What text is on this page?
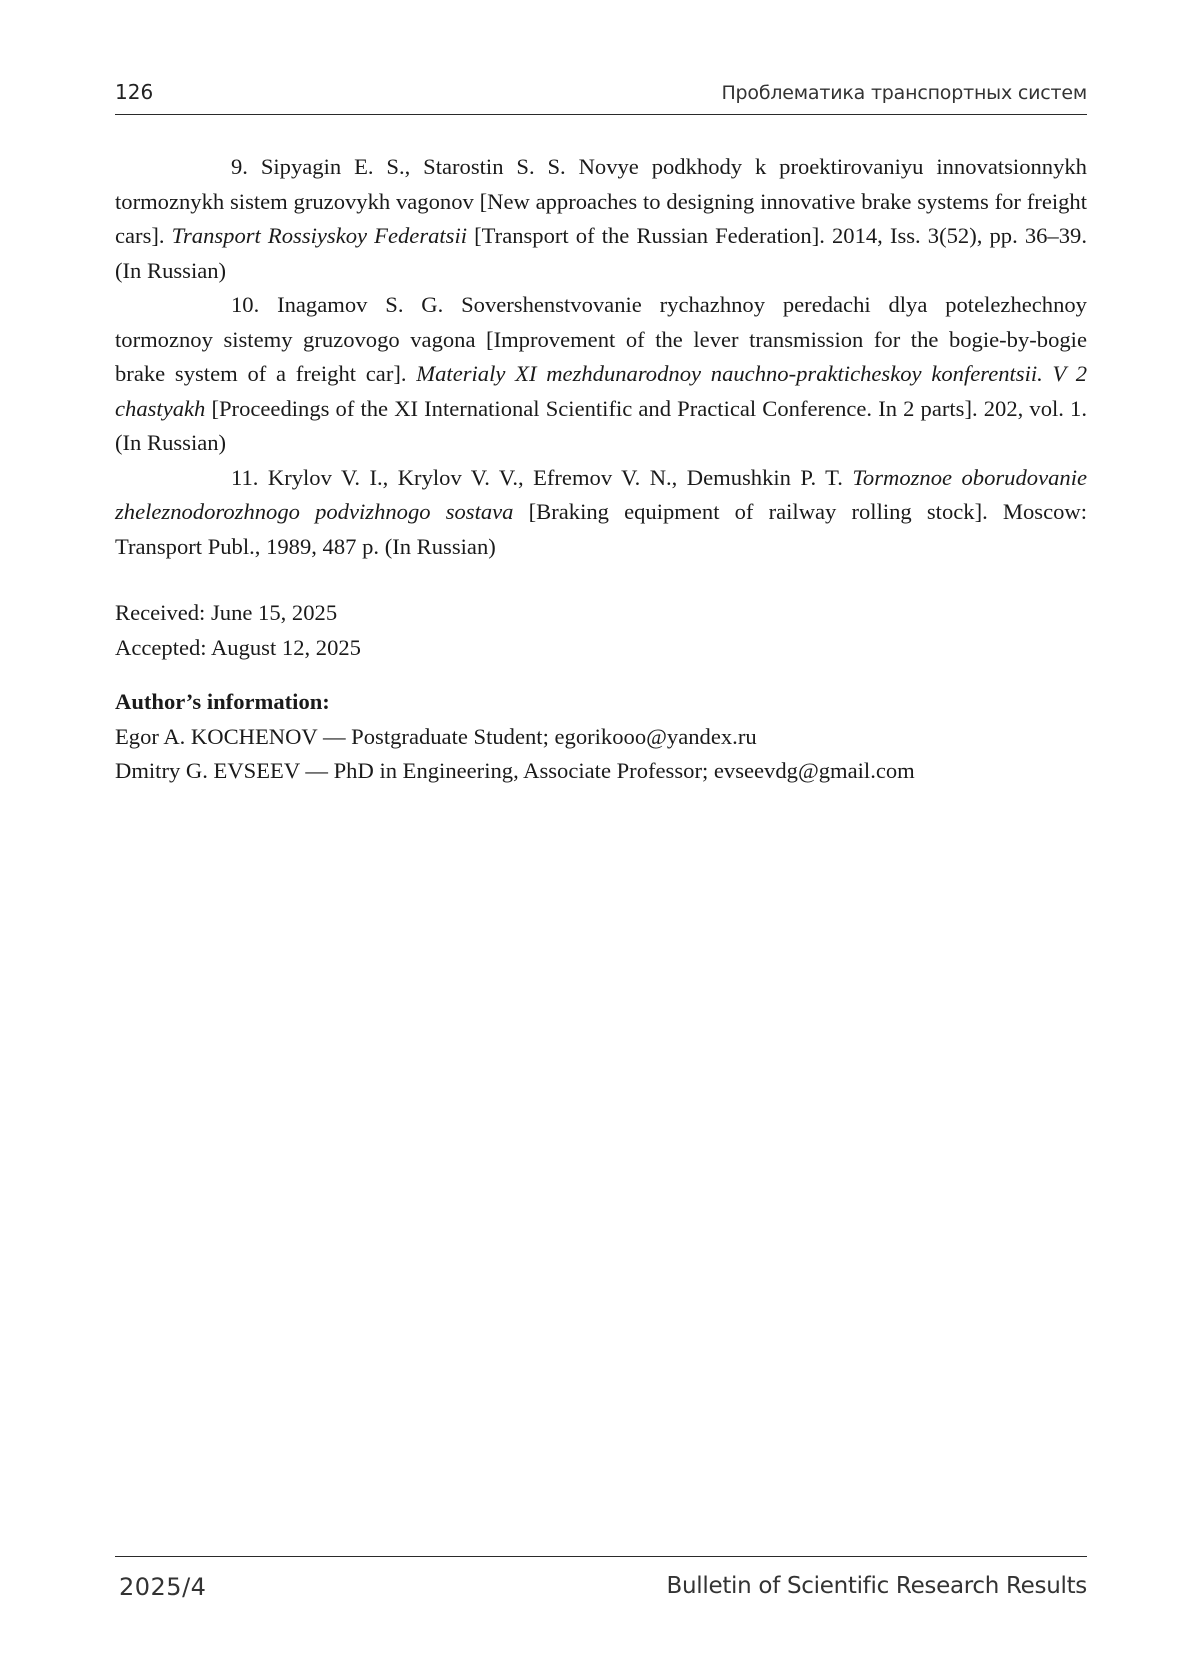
126	Проблематика транспортных систем

9. Sipyagin E. S., Starostin S. S. Novye podkhody k proektirovaniyu innovatsionnykh tormoznykh sistem gruzovykh vagonov [New approaches to designing innovative brake systems for freight cars]. Transport Rossiyskoy Federatsii [Transport of the Russian Federation]. 2014, Iss. 3(52), pp. 36–39. (In Russian)

10. Inagamov S. G. Sovershenstvovanie rychazhnoy peredachi dlya potelezhechnoy tormoznoy sistemy gruzovogo vagona [Improvement of the lever transmission for the bogie-by-bogie brake system of a freight car]. Materialy XI mezhdunarodnoy nauchno-prakticheskoy konferentsii. V 2 chastyakh [Proceedings of the XI International Scientific and Practical Conference. In 2 parts]. 202, vol. 1. (In Russian)

11. Krylov V. I., Krylov V. V., Efremov V. N., Demushkin P. T. Tormoznoe oborudovanie zheleznodorozhnogo podvizhnogo sostava [Braking equipment of railway rolling stock]. Moscow: Transport Publ., 1989, 487 p. (In Russian)

Received: June 15, 2025

Accepted: August 12, 2025

Author’s information:

Egor A. KOCHENOV — Postgraduate Student; egorikooo@yandex.ru

Dmitry G. EVSEEV — PhD in Engineering, Associate Professor; evseevdg@gmail.com

2025/4	Bulletin of Scientific Research Results
